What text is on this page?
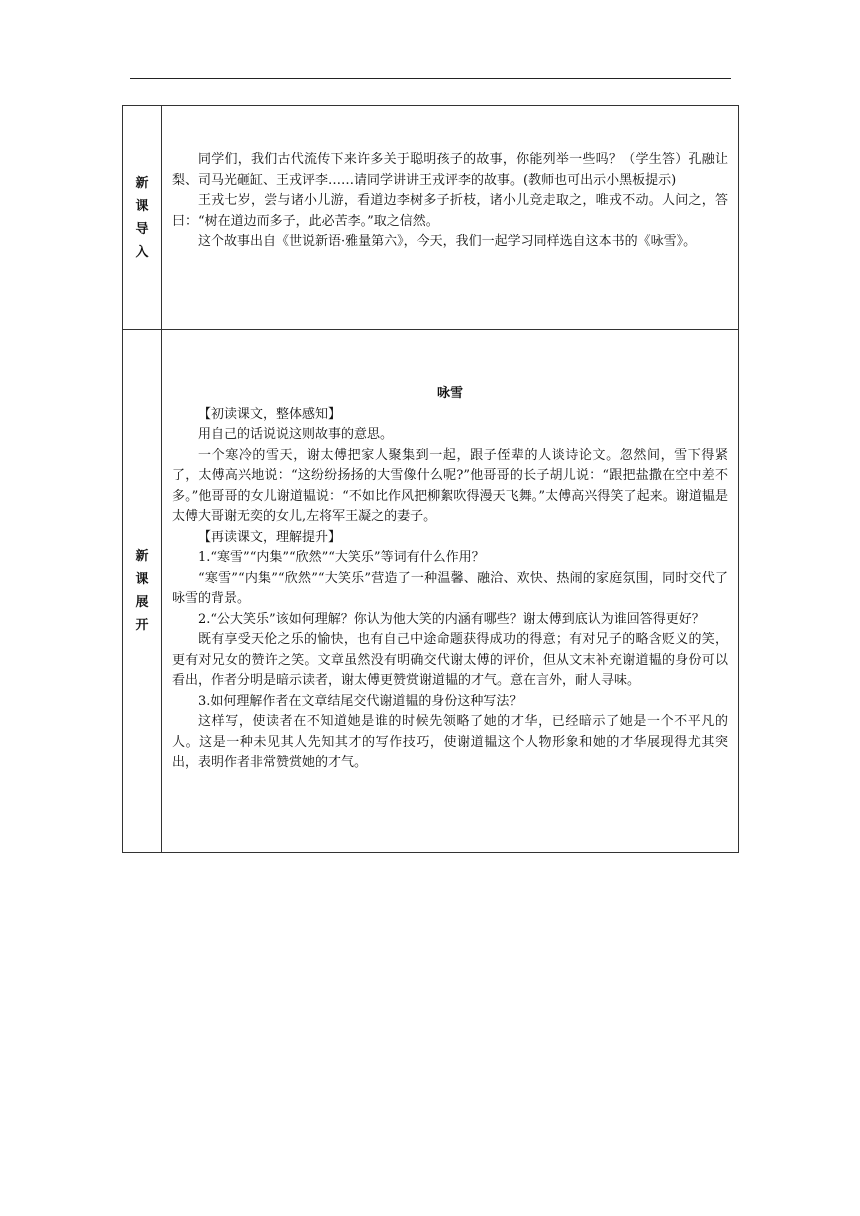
新课导入

同学们，我们古代流传下来许多关于聪明孩子的故事，你能列举一些吗？（学生答）孔融让梨、司马光砸缸、王戎评李……请同学讲讲王戎评李的故事。(教师也可出示小黑板提示)

王戎七岁，尝与诸小儿游，看道边李树多子折枝，诸小儿竞走取之，唯戎不动。人问之，答曰：“树在道边而多子，此必苦李。”取之信然。

这个故事出自《世说新语·雅量第六》，今天，我们一起学习同样选自这本书的《咏雪》。

新课展开
咏雪

【初读课文，整体感知】

用自己的话说说这则故事的意思。

一个寒冷的雪天，谢太傅把家人聚集到一起，跟子侄辈的人谈诗论文。忽然间，雪下得紧了，太傅高兴地说：“这纷纷扬扬的大雪像什么呢?”他哥哥的长子胡儿说：“跟把盐撒在空中差不多。”他哥哥的女儿谢道韫说：“不如比作风把柳絮吹得漫天飞舞。”太傅高兴得笑了起来。谢道韫是太傅大哥谢无奕的女儿,左将军王凝之的妻子。

【再读课文，理解提升】

1.“寒雪”“内集”“欣然”“大笑乐”等词有什么作用？

“寒雪”“内集”“欣然”“大笑乐”营造了一种温馨、融洽、欢快、热闹的家庭氛围，同时交代了咏雪的背景。

2.“公大笑乐”该如何理解？你认为他大笑的内涵有哪些？谢太傅到底认为谁回答得更好？

既有享受天伦之乐的愉快，也有自己中途命题获得成功的得意；有对兄子的略含贬义的笑，更有对兄女的赞许之笑。文章虽然没有明确交代谢太傅的评价，但从文末补充谢道韫的身份可以看出，作者分明是暗示读者，谢太傅更赞赏谢道韫的才气。意在言外，耐人寻味。

3.如何理解作者在文章结尾交代谢道韫的身份这种写法？

这样写，使读者在不知道她是谁的时候先领略了她的才华，已经暗示了她是一个不平凡的人。这是一种未见其人先知其才的写作技巧，使谢道韫这个人物形象和她的才华展现得尤其突出，表明作者非常赞赏她的才气。
